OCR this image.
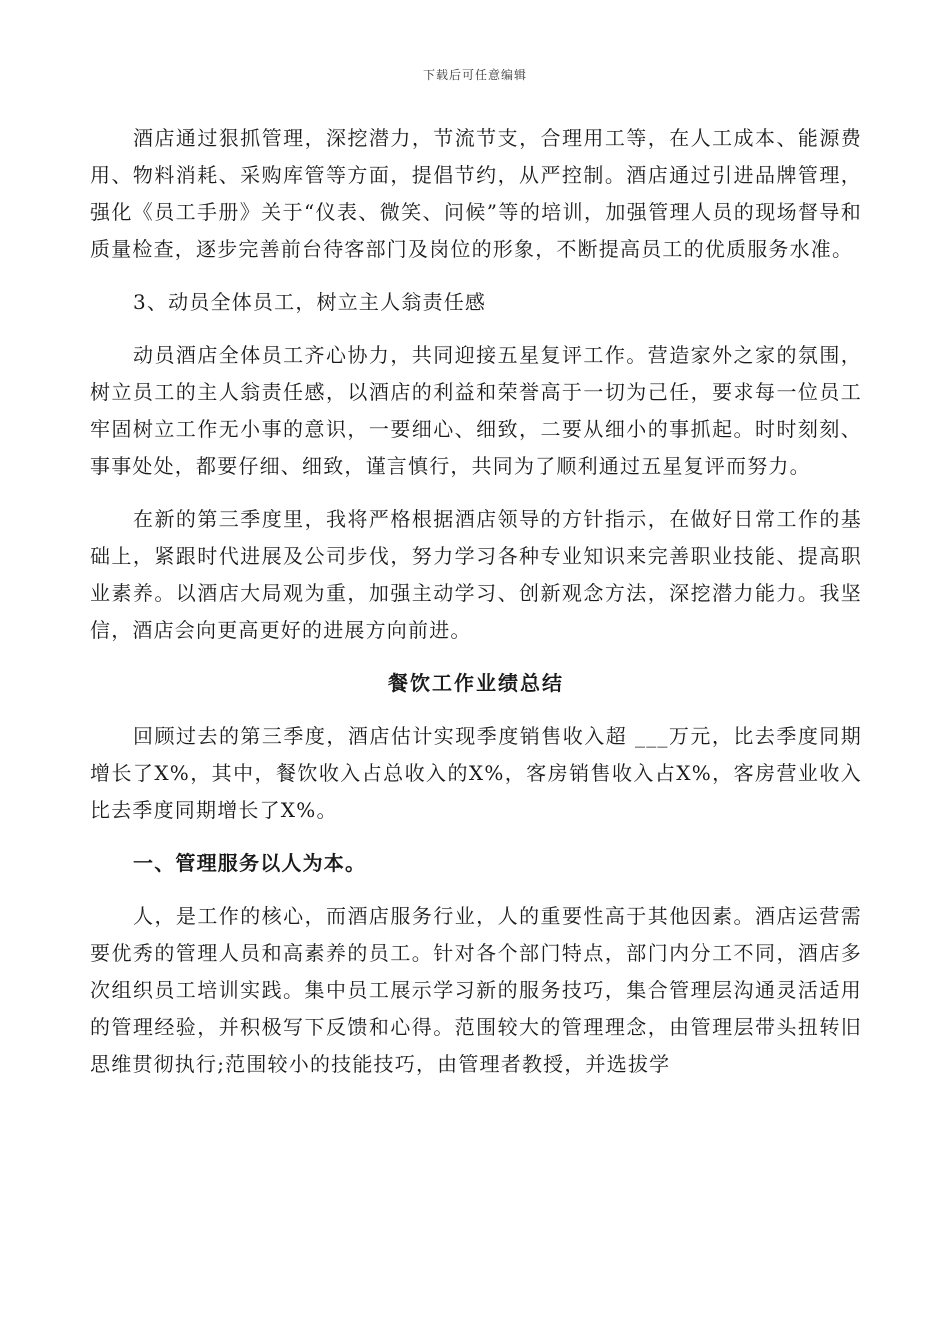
下载后可任意编辑

酒店通过狠抓管理，深挖潜力，节流节支，合理用工等，在人工成本、能源费用、物料消耗、采购库管等方面，提倡节约，从严控制。酒店通过引进品牌管理，强化《员工手册》关于“仪表、微笑、问候”等的培训，加强管理人员的现场督导和质量检查，逐步完善前台待客部门及岗位的形象，不断提高员工的优质服务水准。

3、动员全体员工，树立主人翁责任感

动员酒店全体员工齐心协力，共同迎接五星复评工作。营造家外之家的氛围，树立员工的主人翁责任感，以酒店的利益和荣誉高于一切为己任，要求每一位员工牢固树立工作无小事的意识，一要细心、细致，二要从细小的事抓起。时时刻刻、事事处处，都要仔细、细致，谨言慎行，共同为了顺利通过五星复评而努力。

在新的第三季度里，我将严格根据酒店领导的方针指示，在做好日常工作的基础上，紧跟时代进展及公司步伐，努力学习各种专业知识来完善职业技能、提高职业素养。以酒店大局观为重，加强主动学习、创新观念方法，深挖潜力能力。我坚信，酒店会向更高更好的进展方向前进。

餐饮工作业绩总结

回顾过去的第三季度，酒店估计实现季度销售收入超 ___万元，比去季度同期增长了X%，其中，餐饮收入占总收入的X%，客房销售收入占X%，客房营业收入比去季度同期增长了X%。

一、管理服务以人为本。

人，是工作的核心，而酒店服务行业，人的重要性高于其他因素。酒店运营需要优秀的管理人员和高素养的员工。针对各个部门特点，部门内分工不同，酒店多次组织员工培训实践。集中员工展示学习新的服务技巧，集合管理层沟通灵活适用的管理经验，并积极写下反馈和心得。范围较大的管理理念，由管理层带头扭转旧思维贯彻执行;范围较小的技能技巧，由管理者教授，并选拔学
